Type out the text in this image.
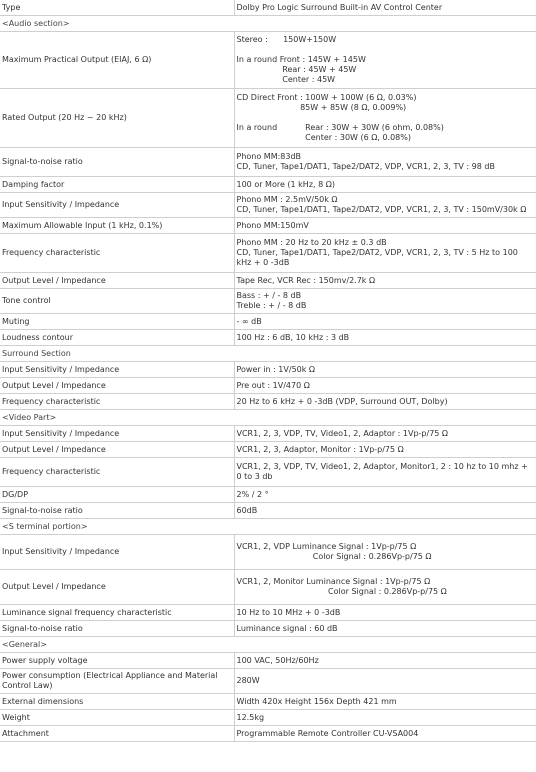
Type	Dolby Pro Logic Surround Built-in AV Control Center
<Audio section>	

Maximum Practical Output (EIAJ, 6 Ω)	Stereo :      150W+150W
In a round Front : 145W + 145W
Rear : 45W + 45W
Center : 45W

Rated Output (20 Hz ~ 20 kHz)	CD Direct Front : 100W + 100W (6 Ω, 0.03%)
85W + 85W (8 Ω, 0.009%)
In a round           Rear : 30W + 30W (6 ohm, 0.08%)
Center : 30W (6 Ω, 0.08%)

Signal-to-noise ratio	Phono MM:83dB
CD, Tuner, Tape1/DAT1, Tape2/DAT2, VDP, VCR1, 2, 3, TV : 98 dB

Damping factor	100 or More (1 kHz, 8 Ω)

Input Sensitivity / Impedance	Phono MM : 2.5mV/50k Ω
CD, Tuner, Tape1/DAT1, Tape2/DAT2, VDP, VCR1, 2, 3, TV : 150mV/30k Ω

Maximum Allowable Input (1 kHz, 0.1%)	Phono MM:150mV

Frequency characteristic	Phono MM : 20 Hz to 20 kHz ± 0.3 dB
CD, Tuner, Tape1/DAT1, Tape2/DAT2, VDP, VCR1, 2, 3, TV : 5 Hz to 100
kHz + 0 -3dB

Output Level / Impedance	Tape Rec, VCR Rec : 150mv/2.7k Ω

Tone control	Bass : + / - 8 dB
Treble : + / - 8 dB

Muting	- ∞ dB

Loudness contour	100 Hz : 6 dB, 10 kHz : 3 dB
Surround Section	

Input Sensitivity / Impedance	Power in : 1V/50k Ω

Output Level / Impedance	Pre out : 1V/470 Ω

Frequency characteristic	20 Hz to 6 kHz + 0 -3dB (VDP, Surround OUT, Dolby)
<Video Part>	

Input Sensitivity / Impedance	VCR1, 2, 3, VDP, TV, Video1, 2, Adaptor : 1Vp-p/75 Ω

Output Level / Impedance	VCR1, 2, 3, Adaptor, Monitor : 1Vp-p/75 Ω

Frequency characteristic	VCR1, 2, 3, VDP, TV, Video1, 2, Adaptor, Monitor1, 2 : 10 hz to 10 mhz +
0 to 3 db

DG/DP	2% / 2 °

Signal-to-noise ratio	60dB
<S terminal portion>	

Input Sensitivity / Impedance	VCR1, 2, VDP Luminance Signal : 1Vp-p/75 Ω
Color Signal : 0.286Vp-p/75 Ω

Output Level / Impedance	VCR1, 2, Monitor Luminance Signal : 1Vp-p/75 Ω
Color Signal : 0.286Vp-p/75 Ω

Luminance signal frequency characteristic	10 Hz to 10 MHz + 0 -3dB

Signal-to-noise ratio	Luminance signal : 60 dB
<General>	

Power supply voltage	100 VAC, 50Hz/60Hz

Power consumption (Electrical Appliance and Material Control Law)	280W

External dimensions	Width 420x Height 156x Depth 421 mm

Weight	12.5kg

Attachment	Programmable Remote Controller CU-VSA004
